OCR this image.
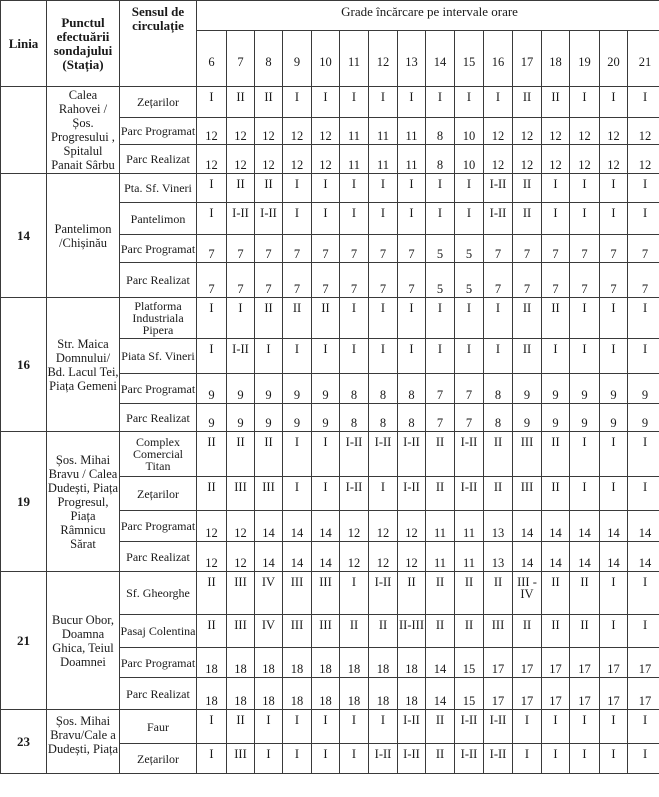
Linia	Punctul efectuării sondajului (Stația)	Sensul de circulație	Grade încărcare pe intervale orare															
			6	7	8	9	10	11	12	13	14	15	16	17	18	19	20	21
	Calea Rahovei / Șos. Progresului , Spitalul Panait Sârbu	Zețarilor	I	II	II	I	I	I	I	I	I	I	I	II	II	I	I	I
		Parc Programat	12	12	12	12	12	11	11	11	8	10	12	12	12	12	12	12
		Parc Realizat	12	12	12	12	12	11	11	11	8	10	12	12	12	12	12	12
14	Pantelimon /Chișinău	Pta. Sf. Vineri	I	II	II	I	I	I	I	I	I	I	I-II	II	I	I	I	I
		Pantelimon	I	I-II	I-II	I	I	I	I	I	I	I	I-II	II	I	I	I	I
		Parc Programat	7	7	7	7	7	7	7	7	5	5	7	7	7	7	7	7
		Parc Realizat	7	7	7	7	7	7	7	7	5	5	7	7	7	7	7	7
16	Str. Maica Domnului/ Bd. Lacul Tei, Piața Gemeni	Platforma Industriala Pipera	I	I	II	II	II	I	I	I	I	I	I	II	II	I	I	I
		Piata Sf. Vineri	I	I-II	I	I	I	I	I	I	I	I	I	II	I	I	I	I
		Parc Programat	9	9	9	9	9	8	8	8	7	7	8	9	9	9	9	9
		Parc Realizat	9	9	9	9	9	8	8	8	7	7	8	9	9	9	9	9
19	Șos. Mihai Bravu / Calea Dudești, Piața Progresul, Piața Râmnicu Sărat	Complex Comercial Titan	II	II	II	I	I	I-II	I-II	I-II	II	I-II	II	III	II	I	I	I
		Zețarilor	II	III	III	I	I	I-II	I	I-II	II	I-II	II	III	II	I	I	I
		Parc Programat	12	12	14	14	14	12	12	12	11	11	13	14	14	14	14	14
		Parc Realizat	12	12	14	14	14	12	12	12	11	11	13	14	14	14	14	14
21	Bucur Obor, Doamna Ghica, Teiul Doamnei	Sf. Gheorghe	II	III	IV	III	III	I	I-II	II	II	II	II	III - IV	II	II	I	I
		Pasaj Colentina	II	III	IV	III	III	II	II	II-III	II	II	III	II	II	II	I	I
		Parc Programat	18	18	18	18	18	18	18	18	14	15	17	17	17	17	17	17
		Parc Realizat	18	18	18	18	18	18	18	18	14	15	17	17	17	17	17	17
23	Șos. Mihai Bravu/Cale a Dudești, Piața	Faur	I	II	I	I	I	I	I	I-II	II	I-II	I-II	I	I	I	I	I
		Zețarilor	I	III	I	I	I	I	I-II	I-II	II	I-II	I-II	I	I	I	I	I
